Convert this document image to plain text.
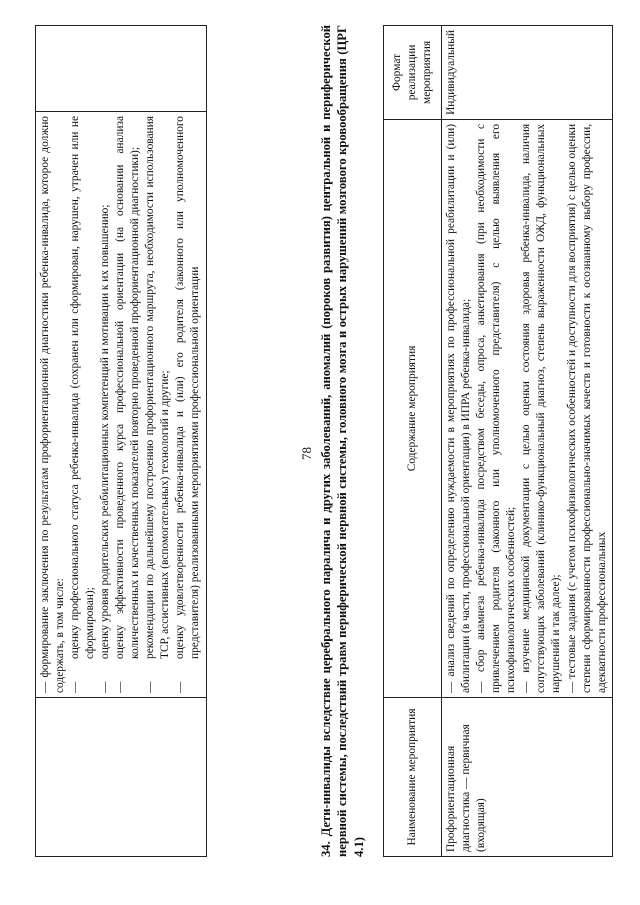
78

— формирование заключения по результатам профориентационной диагностики ребенка-инвалида, которое должно содержать, в том числе: —оценку профессионального статуса ребенка-инвалида (сохранен или сформирован, нарушен, утрачен или не сформирован);
—оценку уровня родительских реабилитационных компетенций и мотивации к их повышению;
—оценку эффективности проведенного курса профессиональной ориентации (на основании анализа количественных и качественных показателей повторно проведенной профориентационной диагностики);
—рекомендации по дальнейшему построению профориентационного маршрута, необходимости использования ТСР, ассистивных (вспомогательных) технологий и другие;
—оценку удовлетворенности ребенка-инвалида и (или) его родителя (законного или уполномоченного представителя) реализованными мероприятиями профессиональной ориентации
		34. Дети-инвалиды вследствие церебрального паралича и других заболеваний, аномалий (пороков развития) центральной и периферической нервной системы, последствий травм периферической нервной системы, головного мозга и острых нарушений мозгового кровообращения (ЦРГ 4.1)
Наименование мероприятия	Содержание мероприятия	Формат реализации мероприятия
Профориентационная диагностика — первичная (входящая)	— анализ сведений по определению нуждаемости в мероприятиях по профессиональной реабилитации и (или) абилитации (в части, профессиональной ориентации) в ИПРА ребенка-инвалида; — сбор анамнеза ребенка-инвалида посредством беседы, опроса, анкетирования (при необходимости с привлечением родителя (законного или уполномоченного представителя) с целью выявления его психофизиологических особенностей; — изучение медицинской документации с целью оценки состояния здоровья ребенка-инвалида, наличия сопутствующих заболеваний (клинико-функциональный диагноз, степень выраженности ОЖД, функциональных нарушений и так далее); — тестовые задания (с учетом психофизиологических особенностей и доступности для восприятия) с целью оценки степени сформированности профессионально-значимых качеств и готовности к осознанному выбору профессии, адекватности профессиональных	Индивидуальный
